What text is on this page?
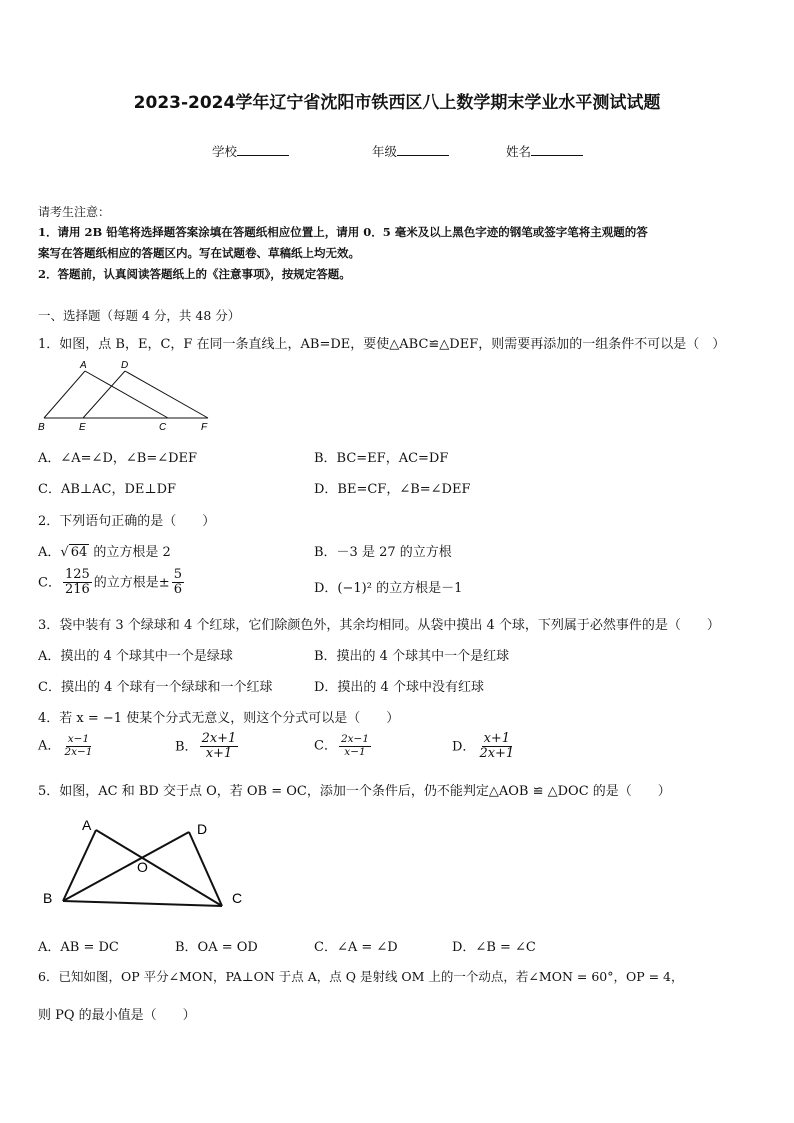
2023-2024学年辽宁省沈阳市铁西区八上数学期末学业水平测试试题
学校	年级	姓名
请考生注意：
1．请用 2B 铅笔将选择题答案涂填在答题纸相应位置上，请用 0．5 毫米及以上黑色字迹的钢笔或签字笔将主观题的答
案写在答题纸相应的答题区内。写在试题卷、草稿纸上均无效。
2．答题前，认真阅读答题纸上的《注意事项》，按规定答题。
一、选择题（每题 4 分，共 48 分）
1．如图，点 B，E，C，F 在同一条直线上，AB=DE，要使△ABC≌△DEF，则需要再添加的一组条件不可以是（　）
A	D
B	E	C	F
A．∠A=∠D，∠B=∠DEF	B．BC=EF，AC=DF
C．AB⊥AC，DE⊥DF	D．BE=CF，∠B=∠DEF
2．下列语句正确的是（　　）
A．√ 64 的立方根是 2	B．－3 是 27 的立方根
C． $\frac{125}{216}$ 的立方根是± $\frac{5}{6}$	D．(−1)² 的立方根是－1
3．袋中装有 3 个绿球和 4 个红球，它们除颜色外，其余均相同。从袋中摸出 4 个球，下列属于必然事件的是（　　）
A．摸出的 4 个球其中一个是绿球	B．摸出的 4 个球其中一个是红球
C．摸出的 4 个球有一个绿球和一个红球	D．摸出的 4 个球中没有红球
4．若 x = −1 使某个分式无意义，则这个分式可以是（　　）
A． $\frac{x-1}{2x-1}$	B． $\frac{2x+1}{x+1}$	C． $\frac{2x-1}{x-1}$	D． $\frac{x+1}{2x+1}$
5．如图，AC 和 BD 交于点 O，若 OB = OC，添加一个条件后，仍不能判定△AOB ≌ △DOC 的是（　　）
A	D
O
B	C
A．AB = DC	B．OA = OD	C．∠A = ∠D	D．∠B = ∠C
6．已知如图，OP 平分∠MON，PA⊥ON 于点 A，点 Q 是射线 OM 上的一个动点，若∠MON = 60°，OP = 4，
则 PQ 的最小值是（　　）
